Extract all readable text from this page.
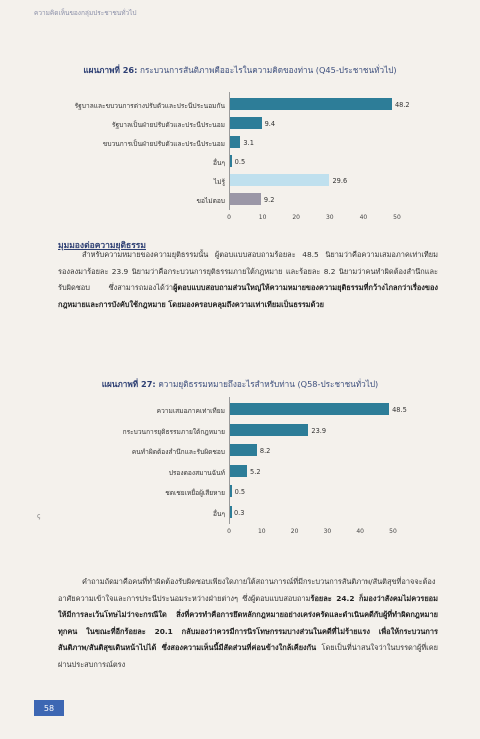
ความคิดเห็นของกลุ่มประชาชนทั่วไป
แผนภาพที่ 26: กระบวนการสันติภาพคืออะไรในความคิดของท่าน (Q45-ประชาชนทั่วไป)
รัฐบาลและขบวนการต่างปรับตัวและประนีประนอมกัน	48.2
รัฐบาลเป็นฝ่ายปรับตัวและประนีประนอม	9.4
ขบวนการเป็นฝ่ายปรับตัวและประนีประนอม	3.1
อื่นๆ 0.5
ไม่รู้	29.6
ขอไม่ตอบ	9.2
0	10	20	30	40	50
มุมมองต่อความยุติธรรม

สำหรับความหมายของความยุติธรรมนั้น ผู้ตอบแบบสอบถามร้อยละ 48.5 นิยามว่าคือความเสมอภาคเท่าเทียม รองลงมาร้อยละ 23.9 นิยามว่าคือกระบวนการยุติธรรมภายใต้กฎหมาย และร้อยละ 8.2 นิยามว่าคนทำผิดต้องสำนึกและรับผิดชอบ ซึ่งสามารถมองได้ว่าผู้ตอบแบบสอบถามส่วนใหญ่ให้ความหมายของความยุติธรรมที่กว้างไกลกว่าเรื่องของกฎหมายและการบังคับใช้กฎหมาย โดยมองครอบคลุมถึงความเท่าเทียมเป็นธรรมด้วย

แผนภาพที่ 27: ความยุติธรรมหมายถึงอะไรสำหรับท่าน (Q58-ประชาชนทั่วไป)
ความเสมอภาคเท่าเทียม	48.5
กระบวนการยุติธรรมภายใต้กฎหมาย	23.9
คนทำผิดต้องสำนึกและรับผิดชอบ	8.2
ปรองดองสมานฉันท์	5.2
ชดเชยเหยื่อผู้เสียหาย 0.5
อื่นๆ 0.3
0	10	20	30	40	50

คำถามถัดมาคือคนที่ทำผิดต้องรับผิดชอบเพียงใดภายใต้สถานการณ์ที่มีกระบวนการสันติภาพ/สันติสุขที่อาจจะต้องอาศัยความเข้าใจและการประนีประนอมระหว่างฝ่ายต่างๆ ซึ่งผู้ตอบแบบสอบถามร้อยละ 24.2 ก็มองว่าสังคมไม่ควรยอมให้มีการละเว้นโทษไม่ว่าจะกรณีใด สิ่งที่ควรทำคือการยึดหลักกฎหมายอย่างเคร่งครัดและดำเนินคดีกับผู้ที่ทำผิดกฎหมายทุกคน ในขณะที่อีกร้อยละ 20.1 กลับมองว่าควรมีการนิรโทษกรรมบางส่วนในคดีที่ไม่ร้ายแรง เพื่อให้กระบวนการสันติภาพ/สันติสุขเดินหน้าไปได้ ซึ่งสองความเห็นนี้มีสัดส่วนที่ค่อนข้างใกล้เคียงกัน โดยเป็นที่น่าสนใจว่าในบรรดาผู้ที่เคยผ่านประสบการณ์ตรง

58
ꞔ
